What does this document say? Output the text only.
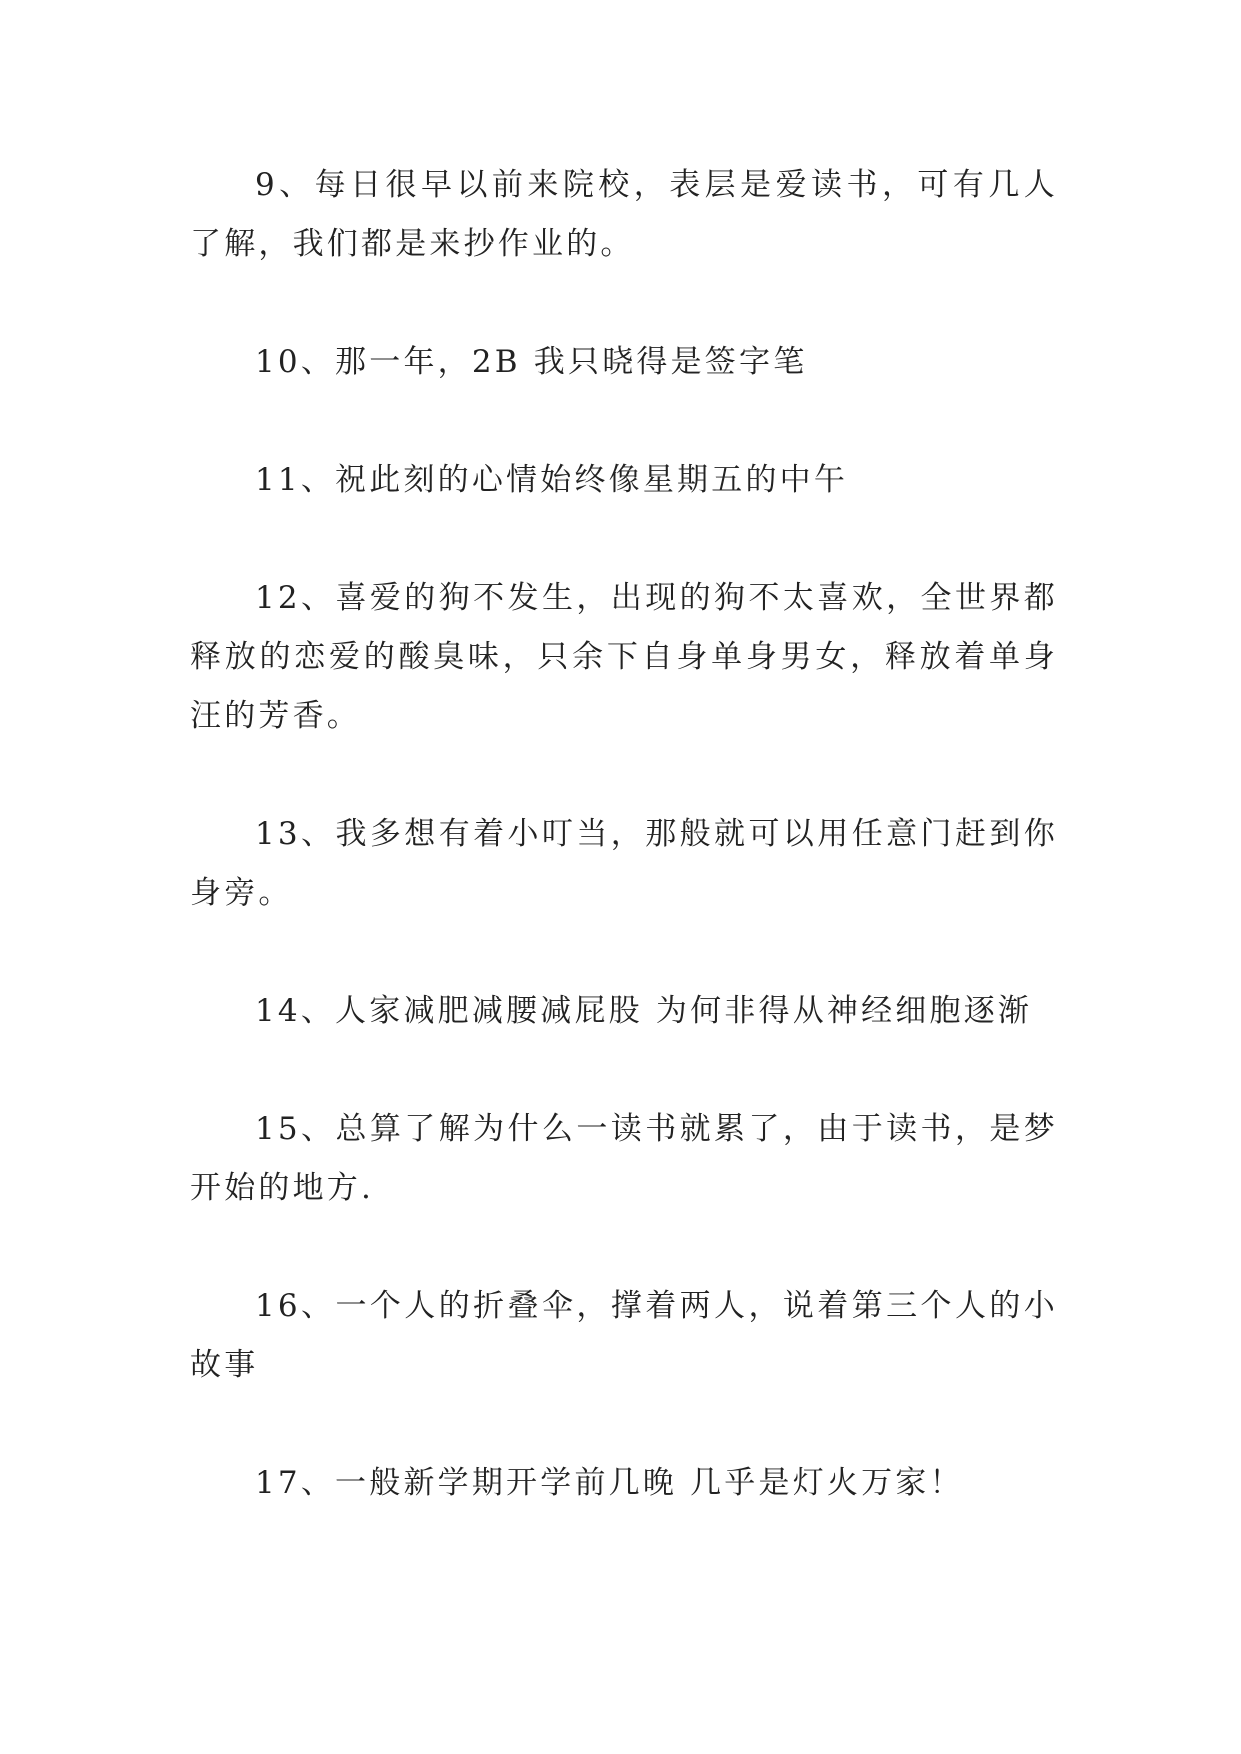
9、每日很早以前来院校，表层是爱读书，可有几人了解，我们都是来抄作业的。

10、那一年，2B 我只晓得是签字笔

11、祝此刻的心情始终像星期五的中午

12、喜爱的狗不发生，出现的狗不太喜欢，全世界都释放的恋爱的酸臭味，只余下自身单身男女，释放着单身汪的芳香。

13、我多想有着小叮当，那般就可以用任意门赶到你身旁。

14、人家减肥减腰减屁股 为何非得从神经细胞逐渐

15、总算了解为什么一读书就累了，由于读书，是梦开始的地方.

16、一个人的折叠伞，撑着两人，说着第三个人的小故事

17、一般新学期开学前几晚 几乎是灯火万家！
